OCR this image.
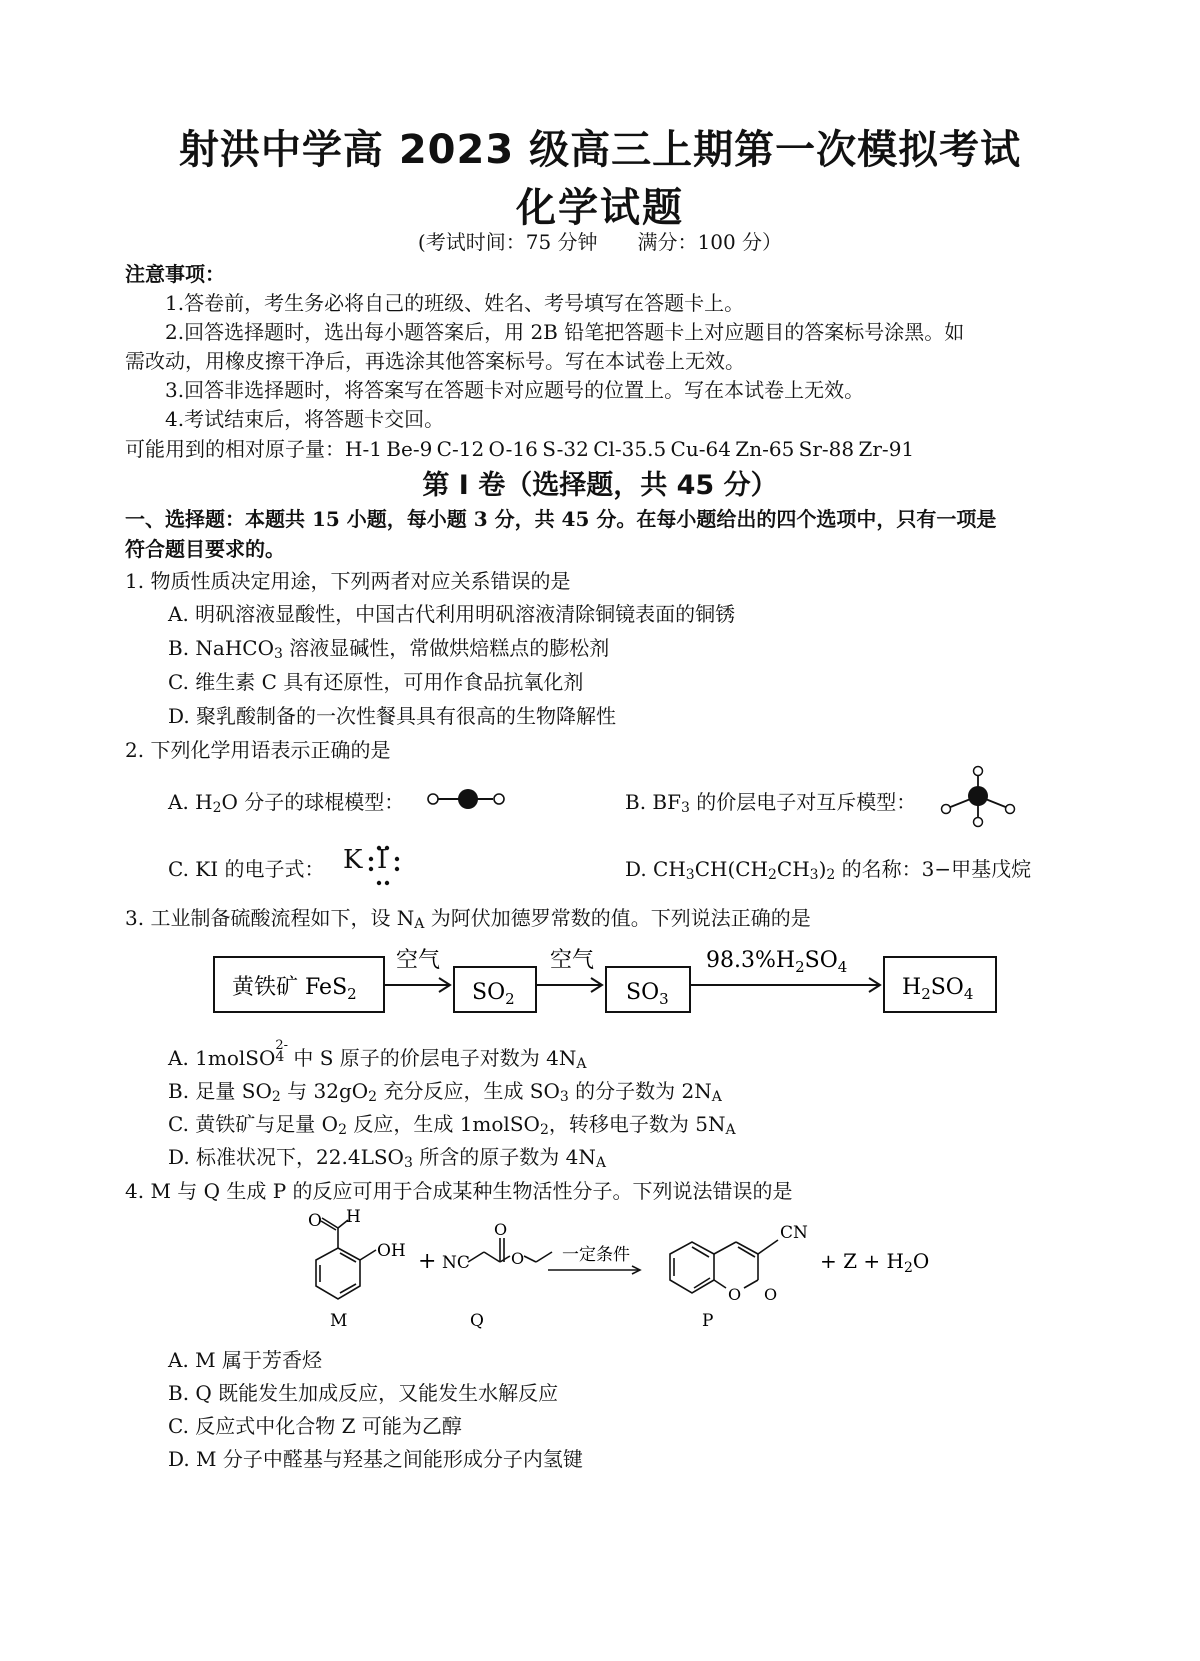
射洪中学高 2023 级高三上期第一次模拟考试
化学试题
(考试时间：75 分钟 满分：100 分）
注意事项：
1.答卷前，考生务必将自己的班级、姓名、考号填写在答题卡上。
2.回答选择题时，选出每小题答案后，用 2B 铅笔把答题卡上对应题目的答案标号涂黑。如
需改动，用橡皮擦干净后，再选涂其他答案标号。写在本试卷上无效。
3.回答非选择题时，将答案写在答题卡对应题号的位置上。写在本试卷上无效。
4.考试结束后，将答题卡交回。
可能用到的相对原子量：H-1 Be-9 C-12 O-16 S-32 Cl-35.5 Cu-64 Zn-65 Sr-88 Zr-91
第 I 卷（选择题，共 45 分）
一、选择题：本题共 15 小题，每小题 3 分，共 45 分。在每小题给出的四个选项中，只有一项是
符合题目要求的。
1. 物质性质决定用途，下列两者对应关系错误的是
A. 明矾溶液显酸性，中国古代利用明矾溶液清除铜镜表面的铜锈
B. NaHCO3 溶液显碱性，常做烘焙糕点的膨松剂
C. 维生素 C 具有还原性，可用作食品抗氧化剂
D. 聚乳酸制备的一次性餐具具有很高的生物降解性
2. 下列化学用语表示正确的是
A. H2O 分子的球棍模型：	B. BF3 的价层电子对互斥模型：
C. KI 的电子式： K I	D. CH3CH(CH2CH3)2 的名称：3−甲基戊烷
3. 工业制备硫酸流程如下，设 NA 为阿伏加德罗常数的值。下列说法正确的是
黄铁矿 FeS$_2$
空气
$SO_2$
空气
$SO_3$
$98.3\%H_2SO_4$
$H_2SO_4$
A. 1molSO
2-
4 中 S 原子的价层电子对数为 4NA
B. 足量 SO2 与 32gO2 充分反应，生成 SO3 的分子数为 2NA
C. 黄铁矿与足量 O2 反应，生成 1molSO2，转移电子数为 5NA
D. 标准状况下，22.4LSO3 所含的原子数为 4NA
4. M 与 Q 生成 P 的反应可用于合成某种生物活性分子。下列说法错误的是
O H
OH
M
+ NC
O
O
Q
一定条件
O O
CN
P
+ $Z + H_2O$
A. M 属于芳香烃
B. Q 既能发生加成反应，又能发生水解反应
C. 反应式中化合物 Z 可能为乙醇
D. M 分子中醛基与羟基之间能形成分子内氢键
